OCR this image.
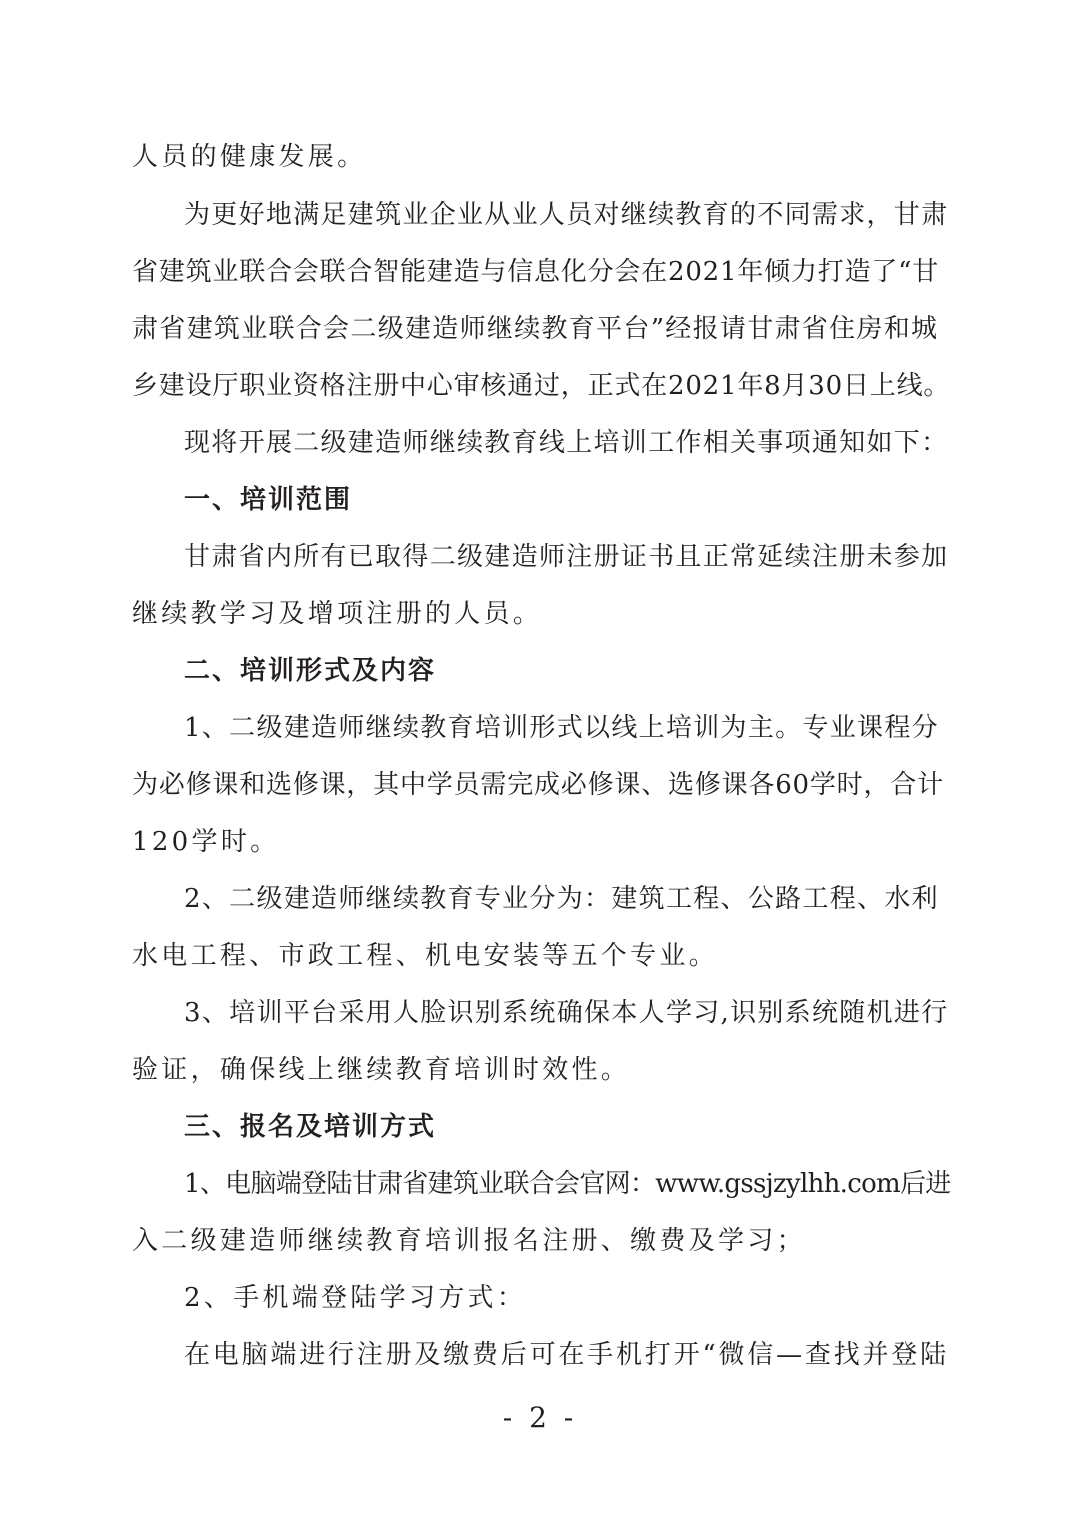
人员的健康发展。
为更好地满足建筑业企业从业人员对继续教育的不同需求，甘肃
省建筑业联合会联合智能建造与信息化分会在2021年倾力打造了“甘
肃省建筑业联合会二级建造师继续教育平台”经报请甘肃省住房和城
乡建设厅职业资格注册中心审核通过，正式在2021年8月30日上线。
现将开展二级建造师继续教育线上培训工作相关事项通知如下：
一、培训范围
甘肃省内所有已取得二级建造师注册证书且正常延续注册未参加
继续教学习及增项注册的人员。
二、培训形式及内容
1、二级建造师继续教育培训形式以线上培训为主。专业课程分
为必修课和选修课，其中学员需完成必修课、选修课各60学时，合计
120学时。
2、二级建造师继续教育专业分为：建筑工程、公路工程、水利
水电工程、市政工程、机电安装等五个专业。
3、培训平台采用人脸识别系统确保本人学习,识别系统随机进行
验证，确保线上继续教育培训时效性。
三、报名及培训方式
1、电脑端登陆甘肃省建筑业联合会官网：www.gssjzylhh.com后进
入二级建造师继续教育培训报名注册、缴费及学习；
2、手机端登陆学习方式：
在电脑端进行注册及缴费后可在手机打开“微信—查找并登陆
- 2 -
